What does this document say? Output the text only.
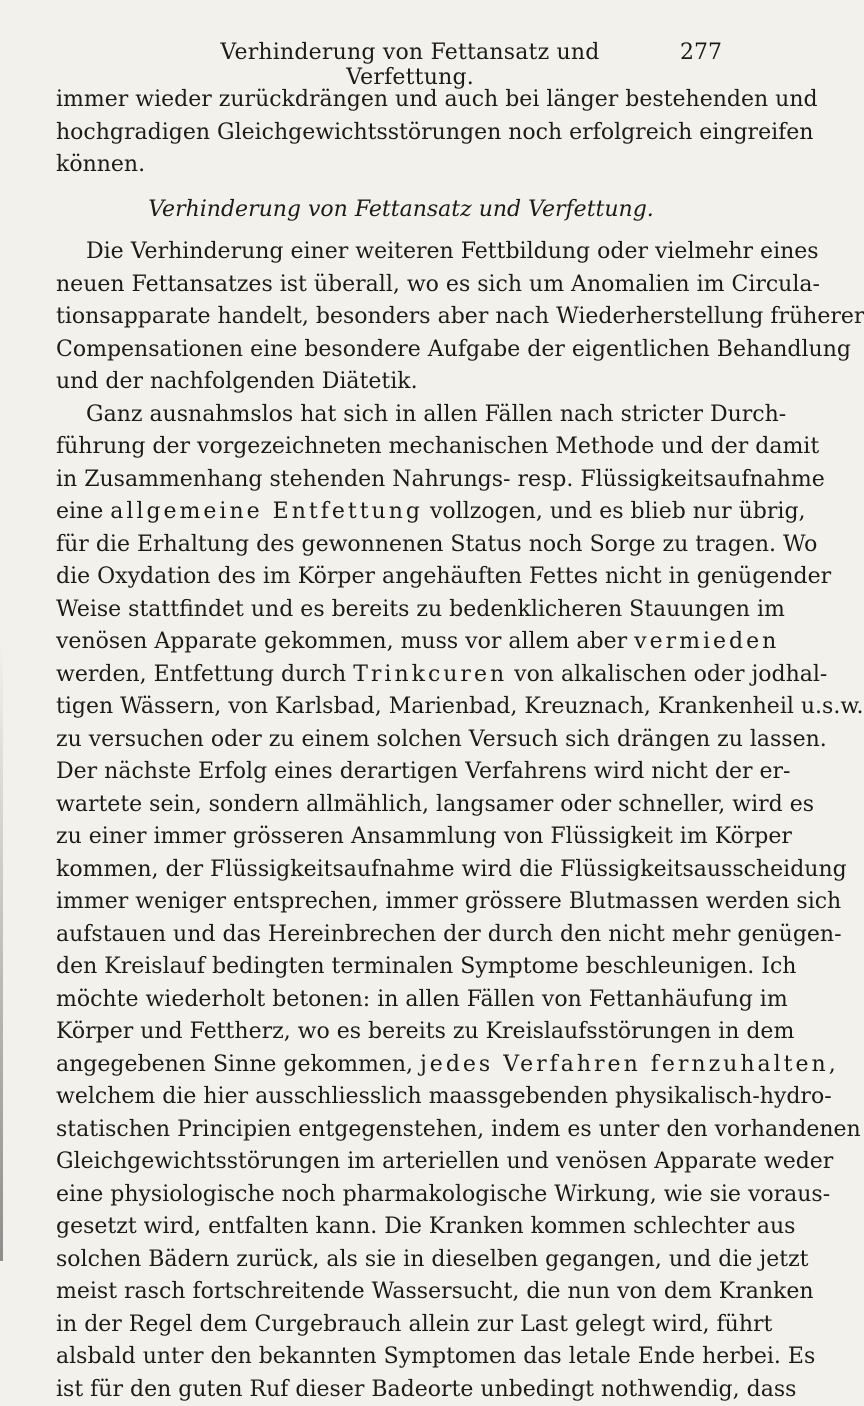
Verhinderung von Fettansatz und Verfettung.
277
immer wieder zurückdrängen und auch bei länger bestehenden und
hochgradigen Gleichgewichtsstörungen noch erfolgreich eingreifen
können.
Verhinderung von Fettansatz und Verfettung.
Die Verhinderung einer weiteren Fettbildung oder vielmehr eines
neuen Fettansatzes ist überall, wo es sich um Anomalien im Circula-
tionsapparate handelt, besonders aber nach Wiederherstellung früherer
Compensationen eine besondere Aufgabe der eigentlichen Behandlung
und der nachfolgenden Diätetik.
Ganz ausnahmslos hat sich in allen Fällen nach stricter Durch-
führung der vorgezeichneten mechanischen Methode und der damit
in Zusammenhang stehenden Nahrungs- resp. Flüssigkeitsaufnahme
eine allgemeine Entfettung vollzogen, und es blieb nur übrig,
für die Erhaltung des gewonnenen Status noch Sorge zu tragen. Wo
die Oxydation des im Körper angehäuften Fettes nicht in genügender
Weise stattfindet und es bereits zu bedenklicheren Stauungen im
venösen Apparate gekommen, muss vor allem aber vermieden
werden, Entfettung durch Trinkcuren von alkalischen oder jodhal-
tigen Wässern, von Karlsbad, Marienbad, Kreuznach, Krankenheil u.s.w.
zu versuchen oder zu einem solchen Versuch sich drängen zu lassen.
Der nächste Erfolg eines derartigen Verfahrens wird nicht der er-
wartete sein, sondern allmählich, langsamer oder schneller, wird es
zu einer immer grösseren Ansammlung von Flüssigkeit im Körper
kommen, der Flüssigkeitsaufnahme wird die Flüssigkeitsausscheidung
immer weniger entsprechen, immer grössere Blutmassen werden sich
aufstauen und das Hereinbrechen der durch den nicht mehr genügen-
den Kreislauf bedingten terminalen Symptome beschleunigen. Ich
möchte wiederholt betonen: in allen Fällen von Fettanhäufung im
Körper und Fettherz, wo es bereits zu Kreislaufsstörungen in dem
angegebenen Sinne gekommen, jedes Verfahren fernzuhalten,
welchem die hier ausschliesslich maassgebenden physikalisch-hydro-
statischen Principien entgegenstehen, indem es unter den vorhandenen
Gleichgewichtsstörungen im arteriellen und venösen Apparate weder
eine physiologische noch pharmakologische Wirkung, wie sie voraus-
gesetzt wird, entfalten kann. Die Kranken kommen schlechter aus
solchen Bädern zurück, als sie in dieselben gegangen, und die jetzt
meist rasch fortschreitende Wassersucht, die nun von dem Kranken
in der Regel dem Curgebrauch allein zur Last gelegt wird, führt
alsbald unter den bekannten Symptomen das letale Ende herbei. Es
ist für den guten Ruf dieser Badeorte unbedingt nothwendig, dass
